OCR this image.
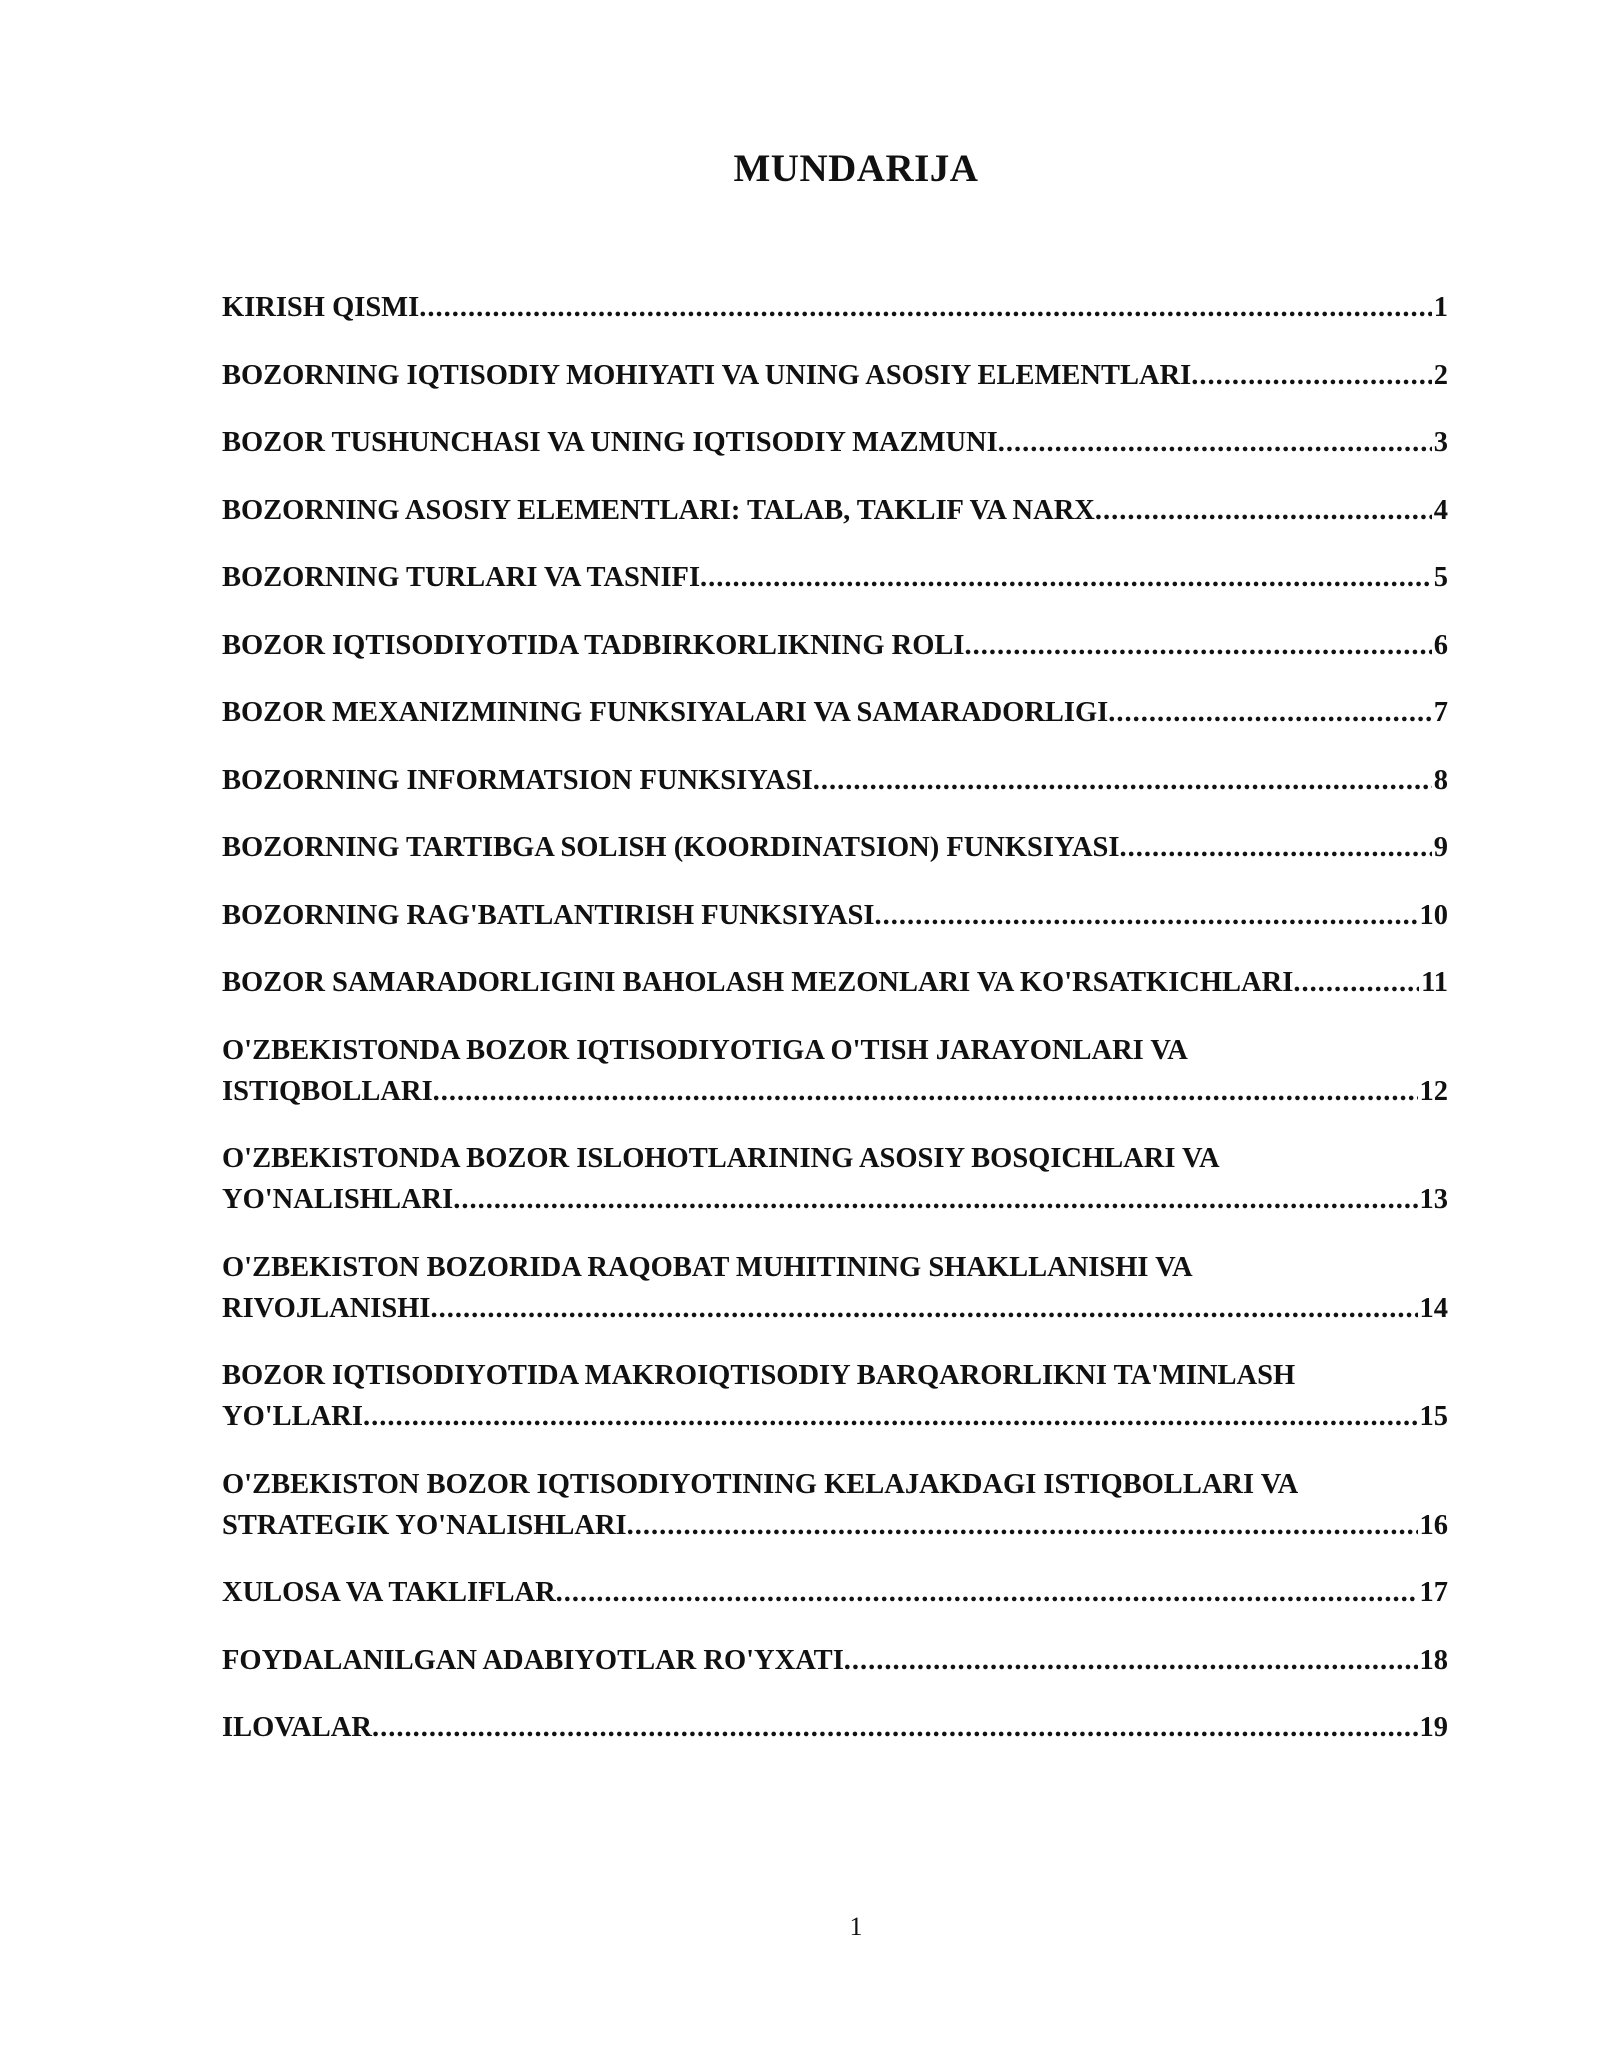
MUNDARIJA
KIRISH QISMI .....	1
BOZORNING IQTISODIY MOHIYATI VA UNING ASOSIY ELEMENTLARI .....	2
BOZOR TUSHUNCHASI VA UNING IQTISODIY MAZMUNI .....	3
BOZORNING ASOSIY ELEMENTLARI: TALAB, TAKLIF VA NARX .....	4
BOZORNING TURLARI VA TASNIFI .....	5
BOZOR IQTISODIYOTIDA TADBIRKORLIKNING ROLI .....	6
BOZOR MEXANIZMINING FUNKSIYALARI VA SAMARADORLIGI .....	7
BOZORNING INFORMATSION FUNKSIYASI .....	8
BOZORNING TARTIBGA SOLISH (KOORDINATSION) FUNKSIYASI .....	9
BOZORNING RAG'BATLANTIRISH FUNKSIYASI .....	10
BOZOR SAMARADORLIGINI BAHOLASH MEZONLARI VA KO'RSATKICHLARI .....	11
O'ZBEKISTONDA BOZOR IQTISODIYOTIGA O'TISH JARAYONLARI VA
ISTIQBOLLARI .....	12
O'ZBEKISTONDA BOZOR ISLOHOTLARINING ASOSIY BOSQICHLARI VA
YO'NALISHLARI .....	13
O'ZBEKISTON BOZORIDA RAQOBAT MUHITINING SHAKLLANISHI VA
RIVOJLANISHI .....	14
BOZOR IQTISODIYOTIDA MAKROIQTISODIY BARQARORLIKNI TA'MINLASH
YO'LLARI .....	15
O'ZBEKISTON BOZOR IQTISODIYOTINING KELAJAKDAGI ISTIQBOLLARI VA
STRATEGIK YO'NALISHLARI .....	16
XULOSA VA TAKLIFLAR .....	17
FOYDALANILGAN ADABIYOTLAR RO'YXATI .....	18
ILOVALAR .....	19
1
